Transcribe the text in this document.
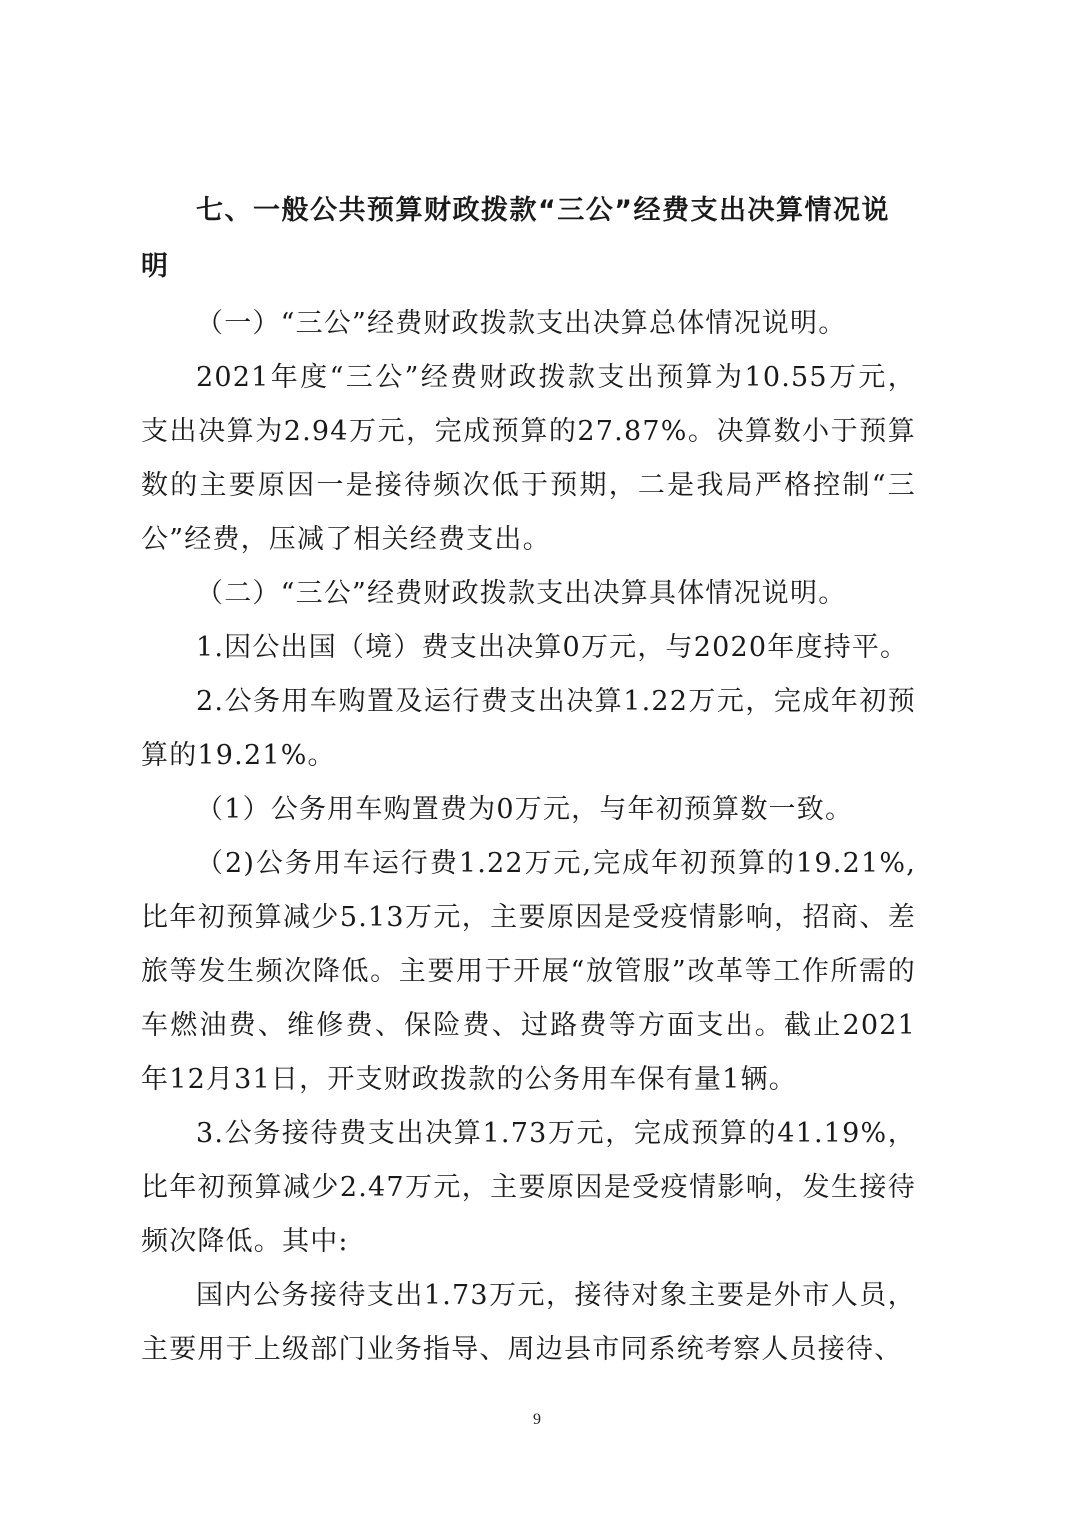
七、一般公共预算财政拨款“三公”经费支出决算情况说明

（一）“三公”经费财政拨款支出决算总体情况说明。

2021年度“三公”经费财政拨款支出预算为10.55万元，支出决算为2.94万元，完成预算的27.87%。决算数小于预算数的主要原因一是接待频次低于预期，二是我局严格控制“三公”经费，压减了相关经费支出。

（二）“三公”经费财政拨款支出决算具体情况说明。

1.因公出国（境）费支出决算0万元，与2020年度持平。

2.公务用车购置及运行费支出决算1.22万元，完成年初预算的19.21%。

（1）公务用车购置费为0万元，与年初预算数一致。

（2)公务用车运行费1.22万元,完成年初预算的19.21%,比年初预算减少5.13万元，主要原因是受疫情影响，招商、差旅等发生频次降低。主要用于开展“放管服”改革等工作所需的车燃油费、维修费、保险费、过路费等方面支出。截止2021年12月31日，开支财政拨款的公务用车保有量1辆。

3.公务接待费支出决算1.73万元，完成预算的41.19%，比年初预算减少2.47万元，主要原因是受疫情影响，发生接待频次降低。其中:

国内公务接待支出1.73万元，接待对象主要是外市人员，主要用于上级部门业务指导、周边县市同系统考察人员接待、

9
